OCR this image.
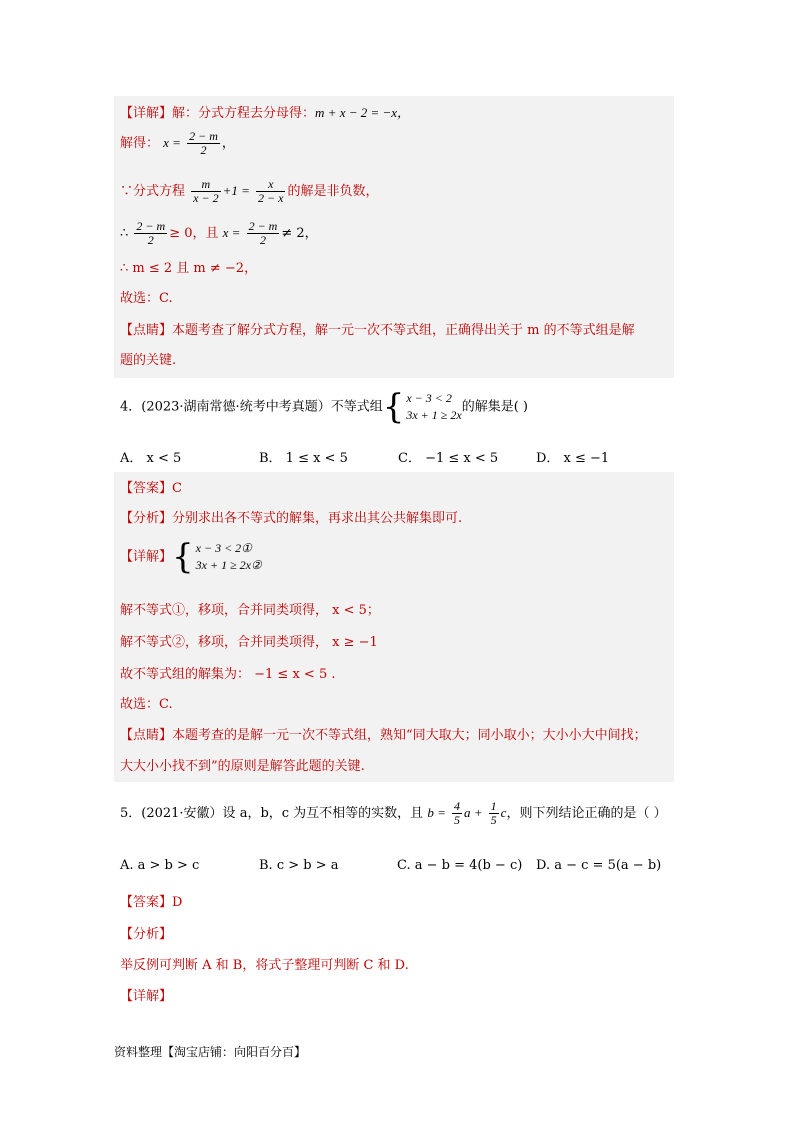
【详解】解：分式方程去分母得：m + x − 2 = −x，
解得： $x = \frac{2 - m}{2}$ ，
∵分式方程 $\frac{m}{x - 2} +1 = \frac{x}{2 - x}$ 的解是非负数，
∴ $\frac{2 - m}{2} \ge 0$，且 $x = \frac{2 - m}{2} \ne 2$，
∴ m ≤ 2 且 m ≠ −2，
故选：C.
【点睛】本题考查了解分式方程，解一元一次不等式组，正确得出关于 m 的不等式组是解
题的关键.
4．(2023·湖南常德·统考中考真题）不等式组{ x − 3 < 2
3x + 1 ≥ 2x
的解集是( )
A． x < 5	B． 1 ≤ x < 5	C． −1 ≤ x < 5	D． x ≤ −1
【答案】C
【分析】分别求出各不等式的解集，再求出其公共解集即可.
【详解】{ x − 3 < 2①
3x + 1 ≥ 2x②
解不等式①，移项，合并同类项得， x < 5；
解不等式②，移项，合并同类项得， x ≥ −1
故不等式组的解集为： −1 ≤ x < 5 .
故选：C.
【点睛】本题考查的是解一元一次不等式组，熟知“同大取大；同小取小；大小小大中间找；
大大小小找不到”的原则是解答此题的关键.
5．(2021·安徽）设 a，b，c 为互不相等的实数，且 $b = \frac{4}{5}$ $a + \frac{1}{5}$ c，则下列结论正确的是（ ）
A. a > b > c	B. c > b > a	C. a − b = 4(b − c) D. a − c = 5(a − b)
【答案】D
【分析】
举反例可判断 A 和 B，将式子整理可判断 C 和 D.
【详解】
资料整理【淘宝店铺：向阳百分百】
